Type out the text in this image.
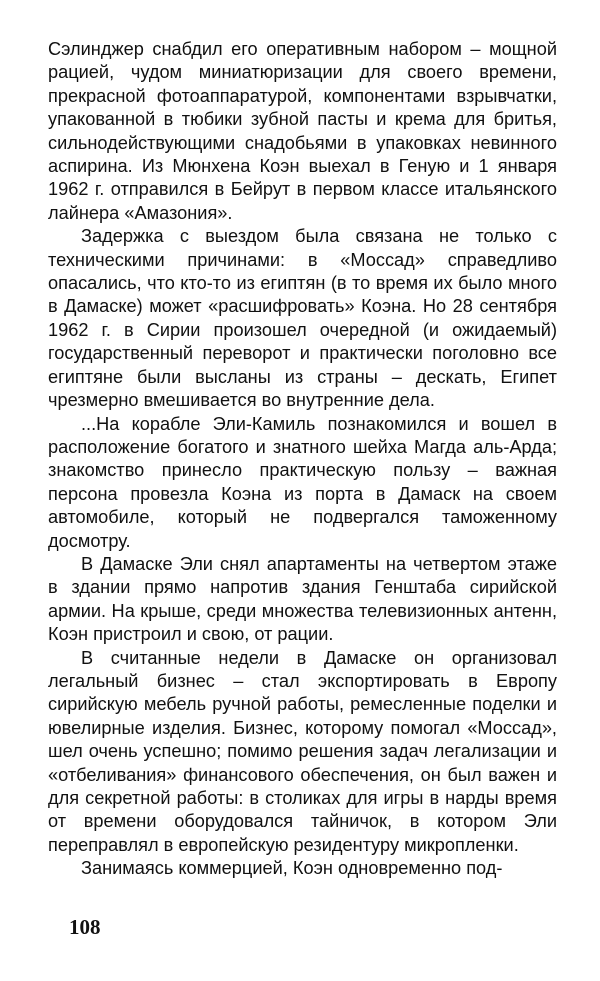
Сэлинджер снабдил его оперативным набором – мощной рацией, чудом миниатюризации для своего времени, прекрасной фотоаппаратурой, компонентами взрывчатки, упакованной в тюбики зубной пасты и крема для бритья, сильнодействующими снадобьями в упаковках невинного аспирина. Из Мюнхена Коэн выехал в Геную и 1 января 1962 г. отправился в Бейрут в первом классе итальянского лайнера «Амазония».

Задержка с выездом была связана не только с техническими причинами: в «Моссад» справедливо опасались, что кто-то из египтян (в то время их было много в Дамаске) может «расшифровать» Коэна. Но 28 сентября 1962 г. в Сирии произошел очередной (и ожидаемый) государственный переворот и практически поголовно все египтяне были высланы из страны – дескать, Египет чрезмерно вмешивается во внутренние дела.

...На корабле Эли-Камиль познакомился и вошел в расположение богатого и знатного шейха Магда аль-Арда; знакомство принесло практическую пользу – важная персона провезла Коэна из порта в Дамаск на своем автомобиле, который не подвергался таможенному досмотру.

В Дамаске Эли снял апартаменты на четвертом этаже в здании прямо напротив здания Генштаба сирийской армии. На крыше, среди множества телевизионных антенн, Коэн пристроил и свою, от рации.

В считанные недели в Дамаске он организовал легальный бизнес – стал экспортировать в Европу сирийскую мебель ручной работы, ремесленные поделки и ювелирные изделия. Бизнес, которому помогал «Моссад», шел очень успешно; помимо решения задач легализации и «отбеливания» финансового обеспечения, он был важен и для секретной работы: в столиках для игры в нарды время от времени оборудовался тайничок, в котором Эли переправлял в европейскую резидентуру микропленки.

Занимаясь коммерцией, Коэн одновременно под-

108
